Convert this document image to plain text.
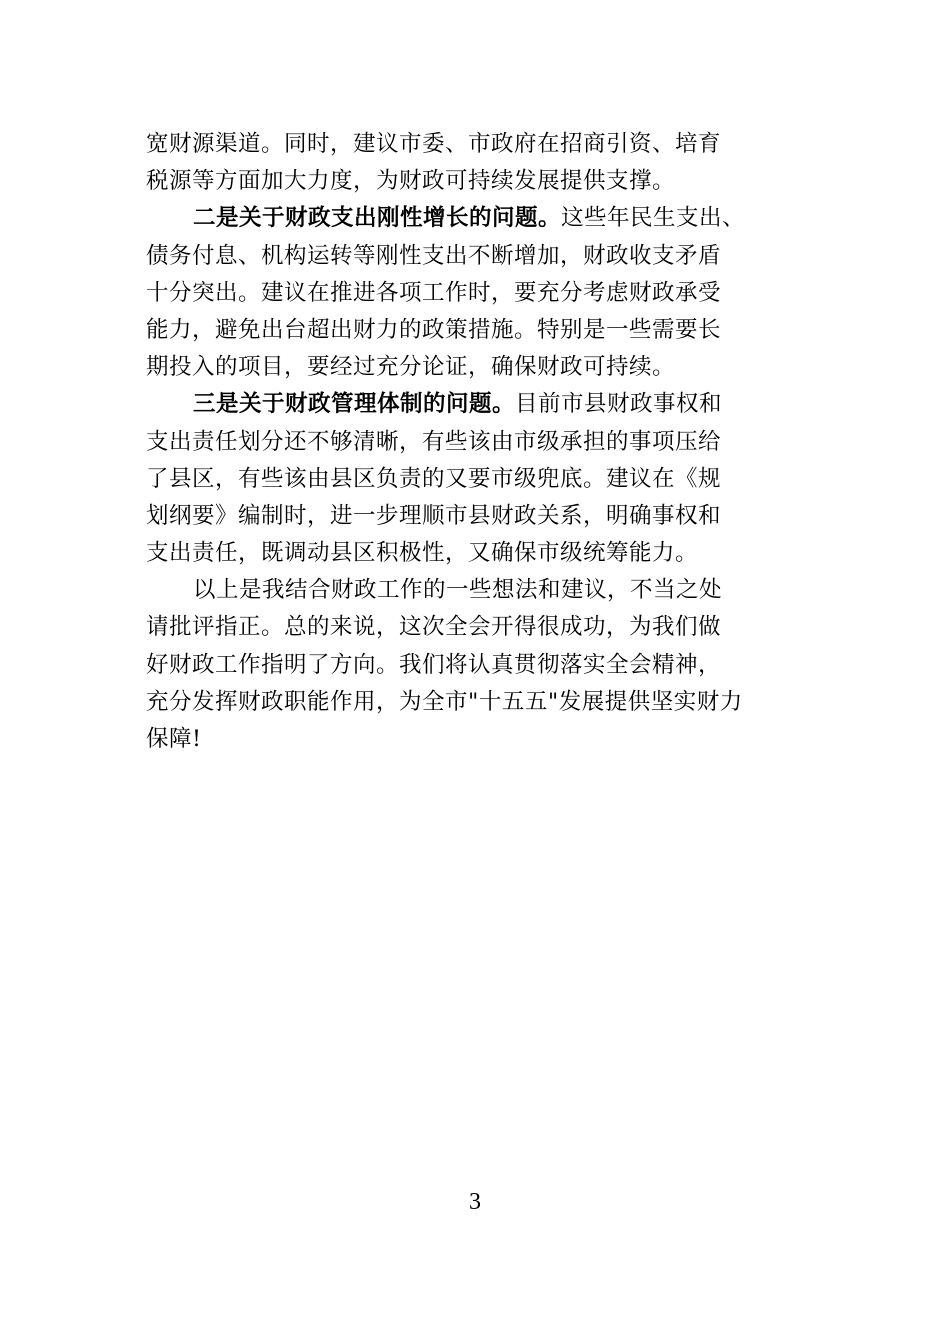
宽财源渠道。同时，建议市委、市政府在招商引资、培育
税源等方面加大力度，为财政可持续发展提供支撑。
二是关于财政支出刚性增长的问题。这些年民生支出、
债务付息、机构运转等刚性支出不断增加，财政收支矛盾
十分突出。建议在推进各项工作时，要充分考虑财政承受
能力，避免出台超出财力的政策措施。特别是一些需要长
期投入的项目，要经过充分论证，确保财政可持续。
三是关于财政管理体制的问题。目前市县财政事权和
支出责任划分还不够清晰，有些该由市级承担的事项压给
了县区，有些该由县区负责的又要市级兜底。建议在《规
划纲要》编制时，进一步理顺市县财政关系，明确事权和
支出责任，既调动县区积极性，又确保市级统筹能力。
以上是我结合财政工作的一些想法和建议，不当之处
请批评指正。总的来说，这次全会开得很成功，为我们做
好财政工作指明了方向。我们将认真贯彻落实全会精神，
充分发挥财政职能作用，为全市"十五五"发展提供坚实财力
保障!
3
